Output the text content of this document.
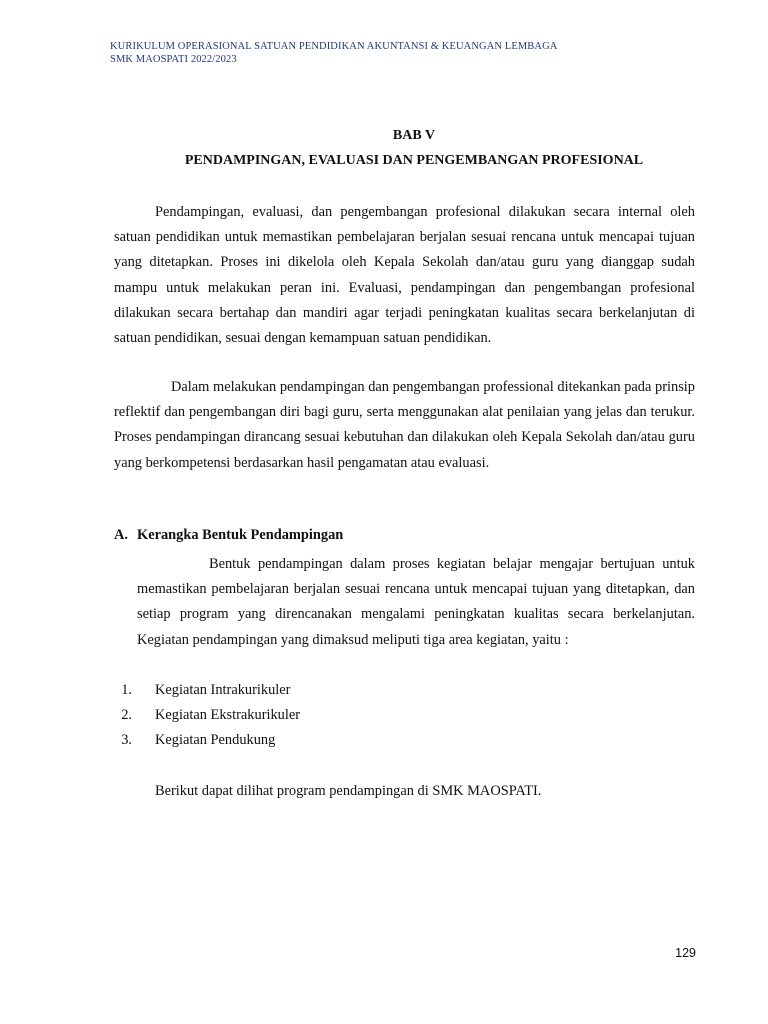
KURIKULUM OPERASIONAL SATUAN PENDIDIKAN AKUNTANSI & KEUANGAN LEMBAGA
SMK MAOSPATI 2022/2023
BAB V
PENDAMPINGAN, EVALUASI DAN PENGEMBANGAN PROFESIONAL

Pendampingan, evaluasi, dan pengembangan profesional dilakukan secara internal oleh satuan pendidikan untuk memastikan pembelajaran berjalan sesuai rencana untuk mencapai tujuan yang ditetapkan. Proses ini dikelola oleh Kepala Sekolah dan/atau guru yang dianggap sudah mampu untuk melakukan peran ini. Evaluasi, pendampingan dan pengembangan profesional dilakukan secara bertahap dan mandiri agar terjadi peningkatan kualitas secara berkelanjutan di satuan pendidikan, sesuai dengan kemampuan satuan pendidikan.

Dalam melakukan pendampingan dan pengembangan professional ditekankan pada prinsip reflektif dan pengembangan diri bagi guru, serta menggunakan alat penilaian yang jelas dan terukur. Proses pendampingan dirancang sesuai kebutuhan dan dilakukan oleh Kepala Sekolah dan/atau guru yang berkompetensi berdasarkan hasil pengamatan atau evaluasi.

A. Kerangka Bentuk Pendampingan

Bentuk pendampingan dalam proses kegiatan belajar mengajar bertujuan untuk memastikan pembelajaran berjalan sesuai rencana untuk mencapai tujuan yang ditetapkan, dan setiap program yang direncanakan mengalami peningkatan kualitas secara berkelanjutan. Kegiatan pendampingan yang dimaksud meliputi tiga area kegiatan, yaitu :

1. Kegiatan Intrakurikuler
2. Kegiatan Ekstrakurikuler
3. Kegiatan Pendukung
Berikut dapat dilihat program pendampingan di SMK MAOSPATI.
129
